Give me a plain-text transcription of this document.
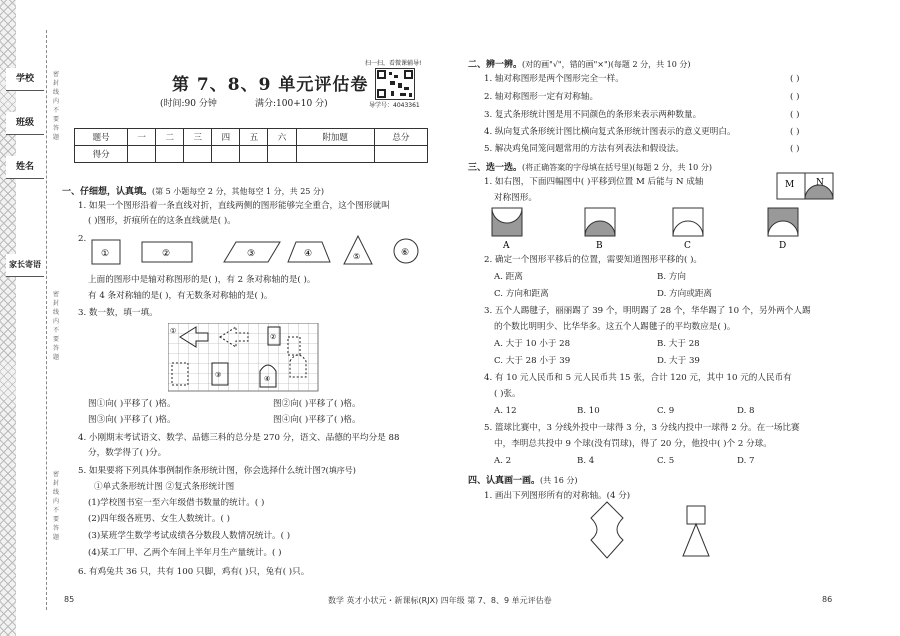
学校
班级
姓名
家长寄语
密封线内不要答题
密封线内不要答题
密封线内不要答题
第 7、8、9 单元评估卷
(时间:90 分钟	满分:100+10 分)
扫一扫，看微课辅导!
导学号：4043361
题号	一	二	三	四	五	六	附加题	总分
得分								
一、仔细想，认真填。(第 5 小题每空 2 分，其他每空 1 分，共 25 分)
1. 如果一个图形沿着一条直线对折，直线两侧的图形能够完全重合，这个图形就叫
( )图形，折痕所在的这条直线就是( )。
2.
①	②	③	④	⑤	⑥
上面的图形中是轴对称图形的是( )，有 2 条对称轴的是( )。
有 4 条对称轴的是( )，有无数条对称轴的是( )。
3. 数一数，填一填。
①
②
③	④
图①向( )平移了( )格。	图②向( )平移了( )格。
图③向( )平移了( )格。	图④向( )平移了( )格。
4. 小刚期末考试语文、数学、品德三科的总分是 270 分，语文、品德的平均分是 88
分，数学得了( )分。
5. 如果要将下列具体事例制作条形统计图，你会选择什么统计图?(填序号)
①单式条形统计图 ②复式条形统计图
(1)学校图书室一至六年级借书数量的统计。( )
(2)四年级各班男、女生人数统计。( )
(3)某班学生数学考试成绩各分数段人数情况统计。( )
(4)某工厂甲、乙两个车间上半年月生产量统计。( )
6. 有鸡兔共 36 只，共有 100 只脚，鸡有( )只，兔有( )只。
二、辨一辨。(对的画"√"，错的画"×")(每题 2 分，共 10 分)
1. 轴对称图形是两个图形完全一样。
2. 轴对称图形一定有对称轴。
3. 复式条形统计图是用不同颜色的条形来表示两种数量。
4. 纵向复式条形统计图比横向复式条形统计图表示的意义更明白。
5. 解决鸡兔同笼问题常用的方法有列表法和假设法。
( )
( )
( )
( )
( )
三、选一选。(将正确答案的字母填在括号里)(每题 2 分，共 10 分)
1. 如右图，下面四幅图中( )平移到位置 M 后能与 N 成轴
对称图形。
M N
A	B	C	D
2. 确定一个图形平移后的位置，需要知道图形平移的( )。
A. 距离	B. 方向
C. 方向和距离	D. 方向或距离
3. 五个人踢毽子，丽丽踢了 39 个，明明踢了 28 个，华华踢了 10 个，另外两个人踢
的个数比明明少、比华华多。这五个人踢毽子的平均数应是( )。
A. 大于 10 小于 28	B. 大于 28
C. 大于 28 小于 39	D. 大于 39
4. 有 10 元人民币和 5 元人民币共 15 张，合计 120 元，其中 10 元的人民币有
( )张。
A. 12	B. 10	C. 9	D. 8
5. 篮球比赛中，3 分线外投中一球得 3 分，3 分线内投中一球得 2 分。在一场比赛
中，李明总共投中 9 个球(没有罚球)，得了 20 分，他投中( )个 2 分球。
A. 2	B. 4	C. 5	D. 7
四、认真画一画。(共 16 分)
1. 画出下列图形所有的对称轴。(4 分)
85	数学 英才小状元・新课标(RJX) 四年级 第 7、8、9 单元评估卷	86
